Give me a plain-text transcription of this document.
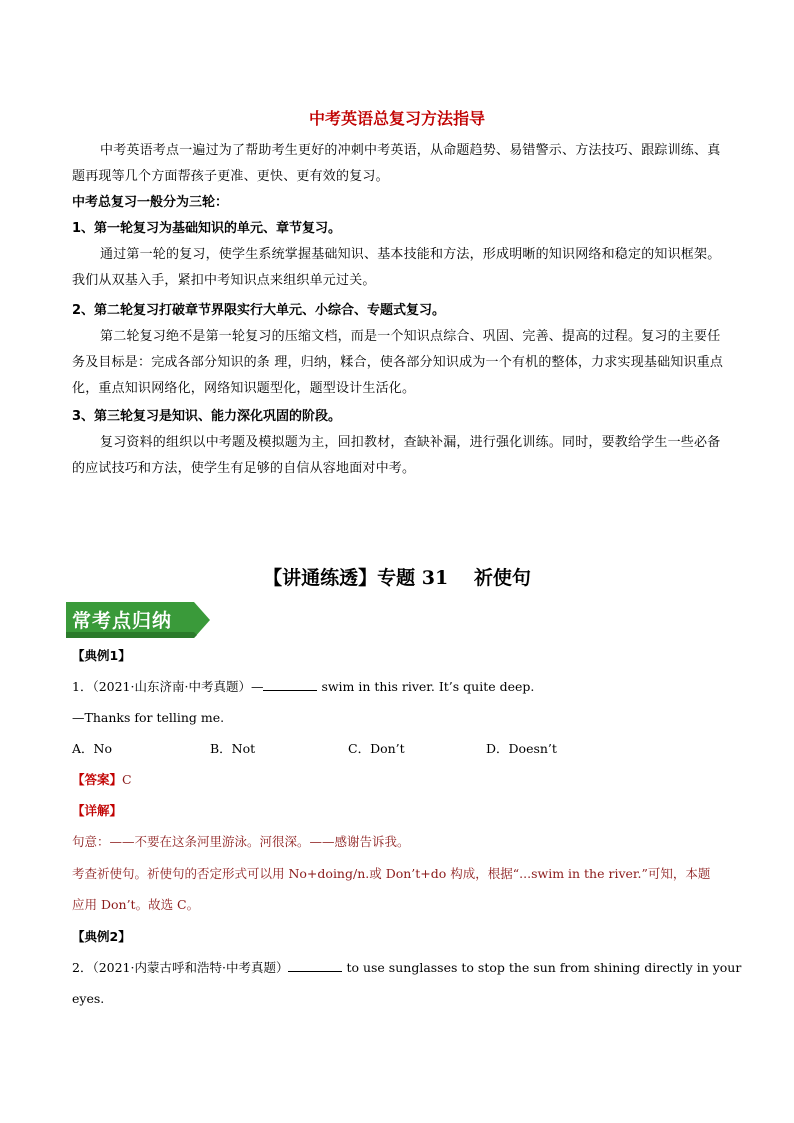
中考英语总复习方法指导
中考英语考点一遍过为了帮助考生更好的冲刺中考英语，从命题趋势、易错警示、方法技巧、跟踪训练、真题再现等几个方面帮孩子更准、更快、更有效的复习。
中考总复习一般分为三轮：
1、第一轮复习为基础知识的单元、章节复习。
通过第一轮的复习，使学生系统掌握基础知识、基本技能和方法，形成明晰的知识网络和稳定的知识框架。我们从双基入手，紧扣中考知识点来组织单元过关。
2、第二轮复习打破章节界限实行大单元、小综合、专题式复习。
第二轮复习绝不是第一轮复习的压缩文档，而是一个知识点综合、巩固、完善、提高的过程。复习的主要任务及目标是：完成各部分知识的条 理，归纳，糅合，使各部分知识成为一个有机的整体，力求实现基础知识重点化，重点知识网络化，网络知识题型化，题型设计生活化。
3、第三轮复习是知识、能力深化巩固的阶段。
复习资料的组织以中考题及模拟题为主，回扣教材，查缺补漏，进行强化训练。同时，要教给学生一些必备的应试技巧和方法，使学生有足够的自信从容地面对中考。
【讲通练透】专题 31　 祈使句
常考点归纳
【典例1】
1．（2021·山东济南·中考真题）—	swim in this river. It’s quite deep.
—Thanks for telling me.
A．No	B．Not	C．Don’t	D．Doesn’t
【答案】C
【详解】
句意：——不要在这条河里游泳。河很深。——感谢告诉我。
考查祈使句。祈使句的否定形式可以用 No+doing/n.或 Don’t+do 构成，根据“...swim in the river.”可知，本题
应用 Don’t。故选 C。
【典例2】
2．（2021·内蒙古呼和浩特·中考真题）	to use sunglasses to stop the sun from shining directly in your
eyes.
